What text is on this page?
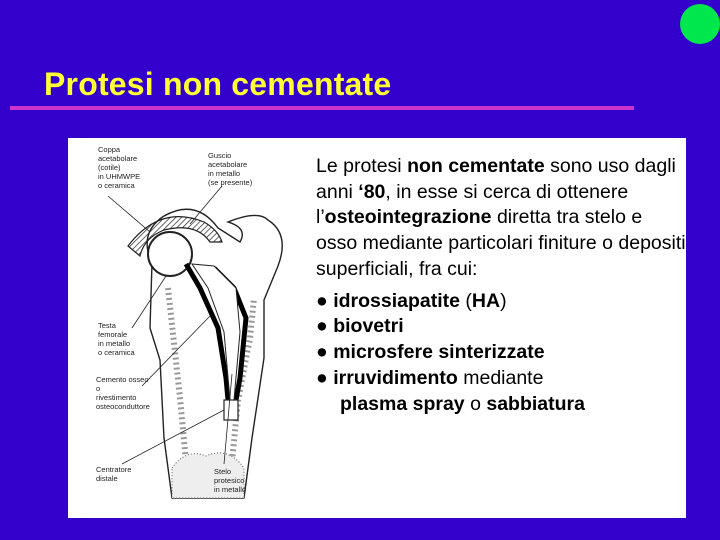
Protesi non cementate
Coppa acetabolare (cotile) in UHMWPE o ceramica
Guscio acetabolare in metallo (se presente)
Testa femorale in metallo o ceramica
Cemento osseo o rivestimento osteoconduttore
Centratore distale
Stelo protesico in metallo

Le protesi non cementate sono uso dagli anni ‘80, in esse si cerca di ottenere l’osteointegrazione diretta tra stelo e osso mediante particolari finiture o depositi superficiali, fra cui:

● idrossiapatite (HA)

● biovetri

● microsfere sinterizzate

● irruvidimento mediante
plasma spray o sabbiatura
